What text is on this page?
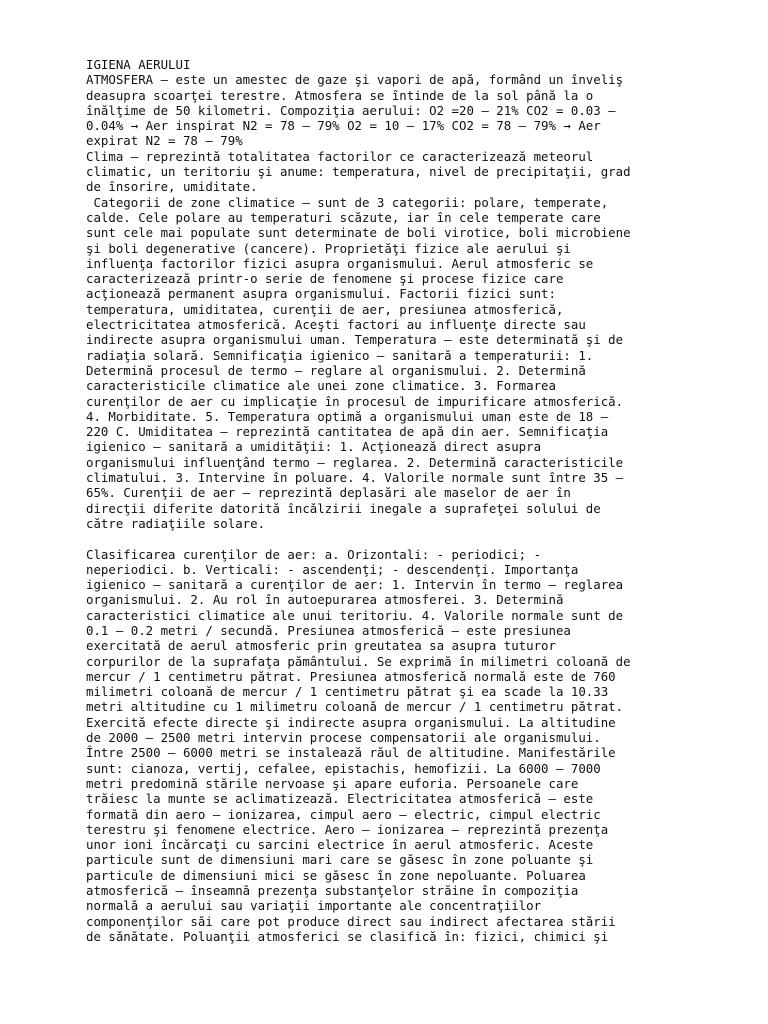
IGIENA AERULUI

ATMOSFERA – este un amestec de gaze şi vapori de apă, formând un înveliş
deasupra scoarţei terestre. Atmosfera se întinde de la sol până la o
înălţime de 50 kilometri. Compoziţia aerului: O2 =20 – 21% CO2 = 0.03 –
0.04% → Aer inspirat N2 = 78 – 79% O2 = 10 – 17% CO2 = 78 – 79% → Aer
expirat N2 = 78 – 79%

Clima – reprezintă totalitatea factorilor ce caracterizează meteorul
climatic, un teritoriu şi anume: temperatura, nivel de precipitaţii, grad
de însorire, umiditate.

Categorii de zone climatice – sunt de 3 categorii: polare, temperate,
calde. Cele polare au temperaturi scăzute, iar în cele temperate care
sunt cele mai populate sunt determinate de boli virotice, boli microbiene
şi boli degenerative (cancere). Proprietăţi fizice ale aerului şi
influenţa factorilor fizici asupra organismului. Aerul atmosferic se
caracterizează printr-o serie de fenomene şi procese fizice care
acţionează permanent asupra organismului. Factorii fizici sunt:
temperatura, umiditatea, curenţii de aer, presiunea atmosferică,
electricitatea atmosferică. Aceşti factori au influenţe directe sau
indirecte asupra organismului uman. Temperatura – este determinată şi de
radiaţia solară. Semnificaţia igienico – sanitară a temperaturii: 1.
Determină procesul de termo – reglare al organismului. 2. Determină
caracteristicile climatice ale unei zone climatice. 3. Formarea
curenţilor de aer cu implicaţie în procesul de impurificare atmosferică.
4. Morbiditate. 5. Temperatura optimă a organismului uman este de 18 –
220 C. Umiditatea – reprezintă cantitatea de apă din aer. Semnificaţia
igienico – sanitară a umidităţii: 1. Acţionează direct asupra
organismului influenţând termo – reglarea. 2. Determină caracteristicile
climatului. 3. Intervine în poluare. 4. Valorile normale sunt între 35 –
65%. Curenţii de aer – reprezintă deplasări ale maselor de aer în
direcţii diferite datorită încălzirii inegale a suprafeţei solului de
către radiaţiile solare.

Clasificarea curenţilor de aer: a. Orizontali: - periodici; -
neperiodici. b. Verticali: - ascendenţi; - descendenţi. Importanţa
igienico – sanitară a curenţilor de aer: 1. Intervin în termo – reglarea
organismului. 2. Au rol în autoepurarea atmosferei. 3. Determină
caracteristici climatice ale unui teritoriu. 4. Valorile normale sunt de
0.1 – 0.2 metri / secundă. Presiunea atmosferică – este presiunea
exercitată de aerul atmosferic prin greutatea sa asupra tuturor
corpurilor de la suprafaţa pământului. Se exprimă în milimetri coloană de
mercur / 1 centimetru pătrat. Presiunea atmosferică normală este de 760
milimetri coloană de mercur / 1 centimetru pătrat şi ea scade la 10.33
metri altitudine cu 1 milimetru coloană de mercur / 1 centimetru pătrat.
Exercită efecte directe şi indirecte asupra organismului. La altitudine
de 2000 – 2500 metri intervin procese compensatorii ale organismului.
Între 2500 – 6000 metri se instalează răul de altitudine. Manifestările
sunt: cianoza, vertij, cefalee, epistachis, hemofizii. La 6000 – 7000
metri predomină stările nervoase şi apare euforia. Persoanele care
trăiesc la munte se aclimatizează. Electricitatea atmosferică – este
formată din aero – ionizarea, cimpul aero – electric, cimpul electric
terestru şi fenomene electrice. Aero – ionizarea – reprezintă prezenţa
unor ioni încărcaţi cu sarcini electrice în aerul atmosferic. Aceste
particule sunt de dimensiuni mari care se găsesc în zone poluante şi
particule de dimensiuni mici se găsesc în zone nepoluante. Poluarea
atmosferică – înseamnă prezenţa substanţelor străine în compoziţia
normală a aerului sau variaţii importante ale concentraţiilor
componenţilor săi care pot produce direct sau indirect afectarea stării
de sănătate. Poluanţii atmosferici se clasifică în: fizici, chimici şi
